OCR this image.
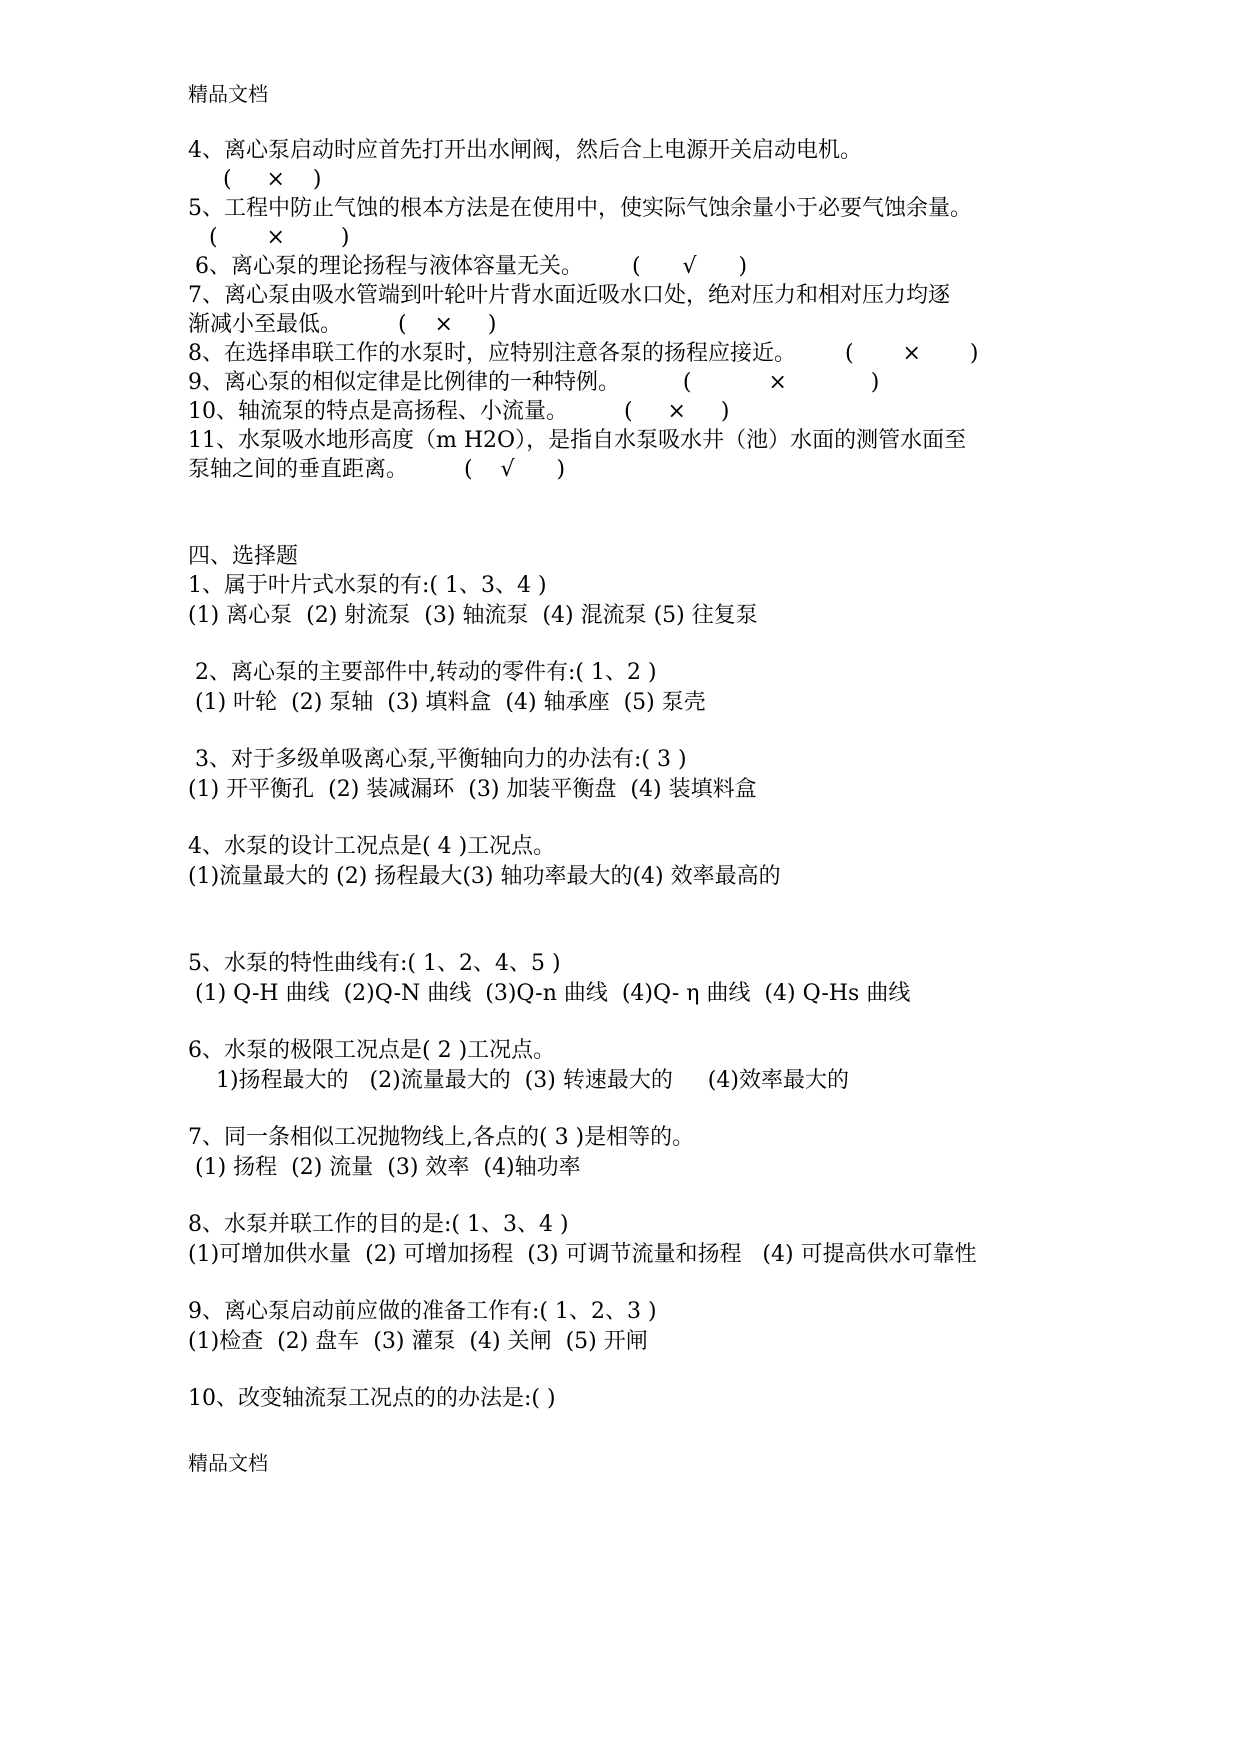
精品文档
4、离心泵启动时应首先打开出水闸阀，然后合上电源开关启动电机。
(     ×    )
5、工程中防止气蚀的根本方法是在使用中，使实际气蚀余量小于必要气蚀余量。
(       ×        )
6、离心泵的理论扬程与液体容量无关。       (      √      )
7、离心泵由吸水管端到叶轮叶片背水面近吸水口处，绝对压力和相对压力均逐
渐减小至最低。        (    ×     )
8、在选择串联工作的水泵时，应特别注意各泵的扬程应接近。       (       ×       )
9、离心泵的相似定律是比例律的一种特例。         (           ×            )
10、轴流泵的特点是高扬程、小流量。        (     ×     )
11、水泵吸水地形高度（m H2O），是指自水泵吸水井（池）水面的测管水面至
泵轴之间的垂直距离。        (    √      )
四、选择题
1、属于叶片式水泵的有:( 1、3、4 )
(1) 离心泵  (2) 射流泵  (3) 轴流泵  (4) 混流泵 (5) 往复泵
2、离心泵的主要部件中,转动的零件有:( 1、2 )
(1) 叶轮  (2) 泵轴  (3) 填料盒  (4) 轴承座  (5) 泵壳
3、对于多级单吸离心泵,平衡轴向力的办法有:( 3 )
(1) 开平衡孔  (2) 装减漏环  (3) 加装平衡盘  (4) 装填料盒
4、水泵的设计工况点是( 4 )工况点。
(1)流量最大的 (2) 扬程最大(3) 轴功率最大的(4) 效率最高的
5、水泵的特性曲线有:( 1、2、4、5 )
(1) Q-H 曲线  (2)Q-N 曲线  (3)Q-n 曲线  (4)Q- η 曲线  (4) Q-Hs 曲线
6、水泵的极限工况点是( 2 )工况点。
1)扬程最大的   (2)流量最大的  (3) 转速最大的     (4)效率最大的
7、同一条相似工况抛物线上,各点的( 3 )是相等的。
(1) 扬程  (2) 流量  (3) 效率  (4)轴功率
8、水泵并联工作的目的是:( 1、3、4 )
(1)可增加供水量  (2) 可增加扬程  (3) 可调节流量和扬程   (4) 可提高供水可靠性
9、离心泵启动前应做的准备工作有:( 1、2、3 )
(1)检查  (2) 盘车  (3) 灌泵  (4) 关闸  (5) 开闸
10、改变轴流泵工况点的的办法是:( )
精品文档
